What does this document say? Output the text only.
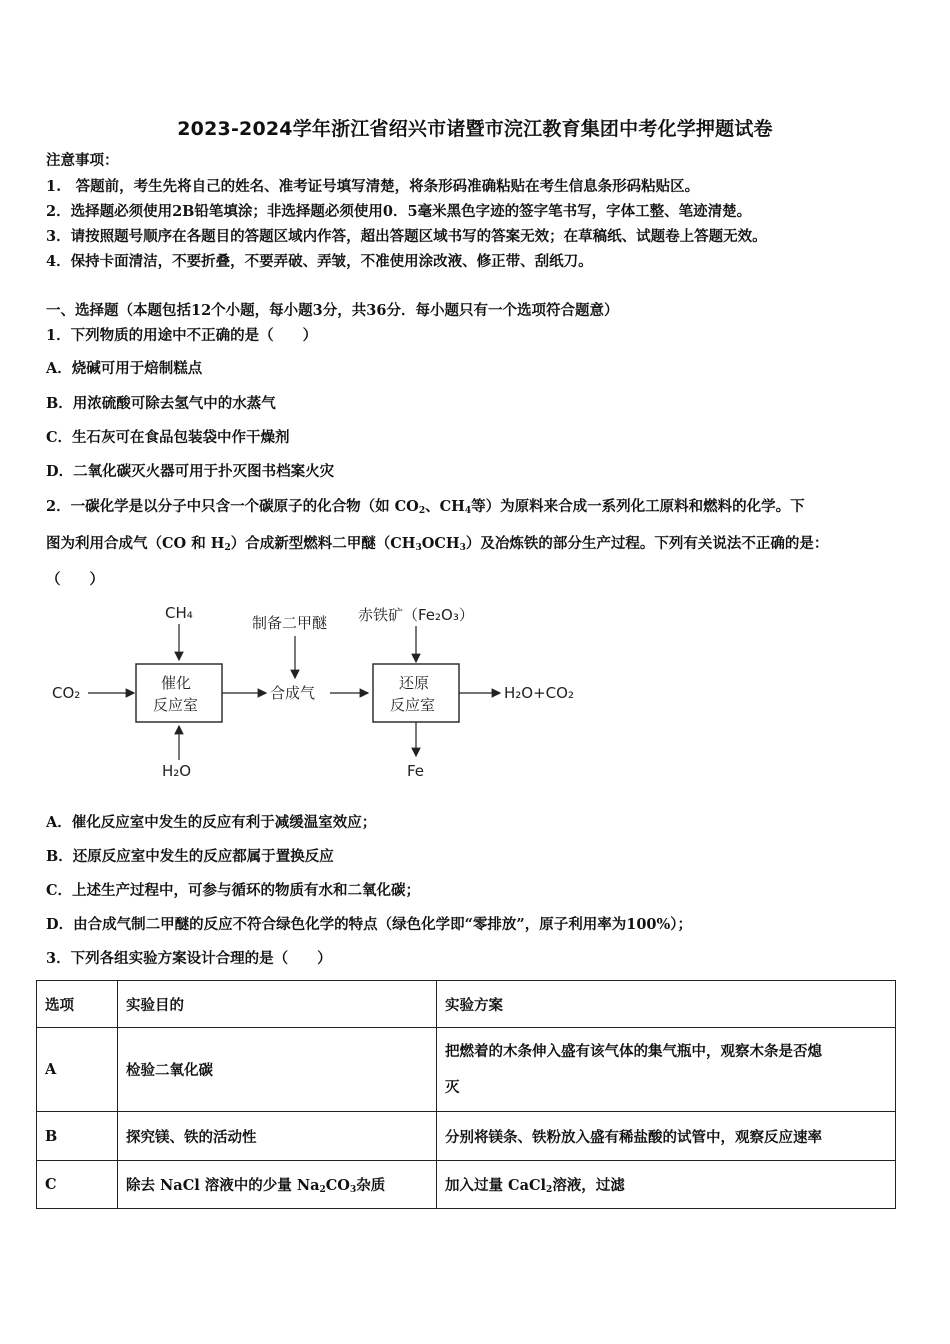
2023-2024学年浙江省绍兴市诸暨市浣江教育集团中考化学押题试卷
注意事项：
1.　答题前，考生先将自己的姓名、准考证号填写清楚，将条形码准确粘贴在考生信息条形码粘贴区。
2．选择题必须使用2B铅笔填涂；非选择题必须使用0．5毫米黑色字迹的签字笔书写，字体工整、笔迹清楚。
3．请按照题号顺序在各题目的答题区域内作答，超出答题区域书写的答案无效；在草稿纸、试题卷上答题无效。
4．保持卡面清洁，不要折叠，不要弄破、弄皱，不准使用涂改液、修正带、刮纸刀。
一、选择题（本题包括12个小题，每小题3分，共36分．每小题只有一个选项符合题意）
1．下列物质的用途中不正确的是（　　）
A．烧碱可用于焙制糕点
B．用浓硫酸可除去氢气中的水蒸气
C．生石灰可在食品包装袋中作干燥剂
D．二氧化碳灭火器可用于扑灭图书档案火灾
2．一碳化学是以分子中只含一个碳原子的化合物（如 $CO_2$、$CH_4$等）为原料来合成一系列化工原料和燃料的化学。下
图为利用合成气（CO 和 $H_2$）合成新型燃料二甲醚$(CH_3OCH_3)$及冶炼铁的部分生产过程。下列有关说法不正确的是：
（　　）
CH₄
制备二甲醚 赤铁矿（Fe₂O₃）
CO₂
催化
反应室
合成气
还原
反应室
H₂O+CO₂
H₂O	Fe
A．催化反应室中发生的反应有利于减缓温室效应；
B．还原反应室中发生的反应都属于置换反应
C．上述生产过程中，可参与循环的物质有水和二氧化碳；
D．由合成气制二甲醚的反应不符合绿色化学的特点（绿色化学即“零排放”，原子利用率为100%）；
3．下列各组实验方案设计合理的是（　　）
选项	实验目的	实验方案
A	检验二氧化碳	把燃着的木条伸入盛有该气体的集气瓶中，观察木条是否熄
灭
B	探究镁、铁的活动性	分别将镁条、铁粉放入盛有稀盐酸的试管中，观察反应速率
C	除去 NaCl 溶液中的少量 $Na_2CO_3$杂质	加入过量 CaCl$_2$溶液，过滤
